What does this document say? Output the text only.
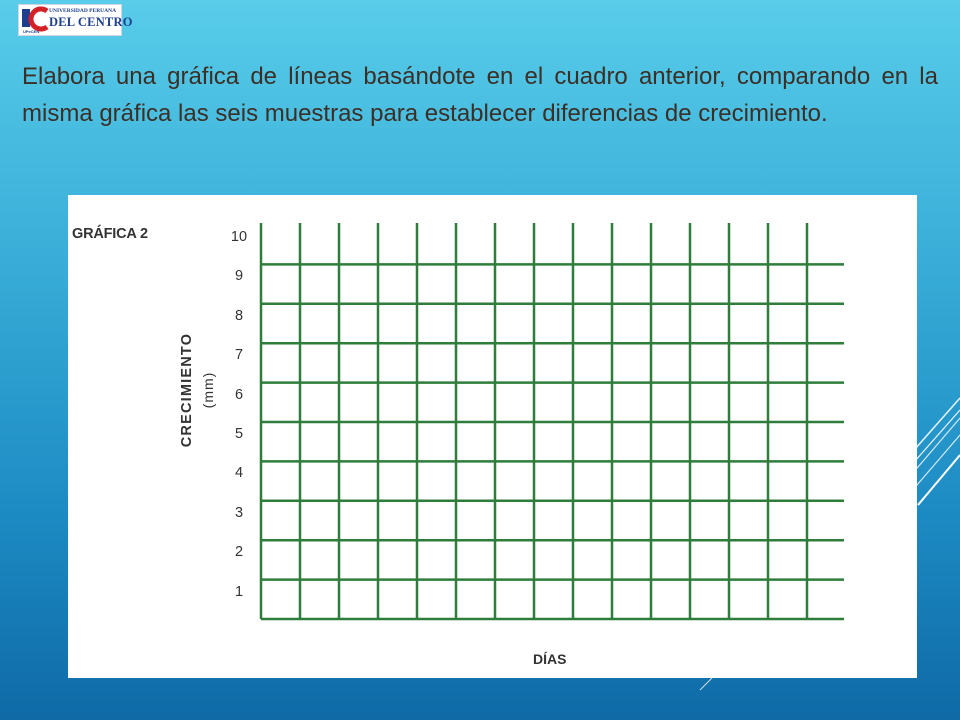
UNIVERSIDAD PERUANA
DEL CENTRO
UPeCEN

Elabora una gráfica de líneas basándote en el cuadro anterior, comparando en la misma gráfica las seis muestras para establecer diferencias de crecimiento.

GRÁFICA 2
CRECIMIENTO (mm)
1
2
3
4
5
6
7
8
9
10
DÍAS
